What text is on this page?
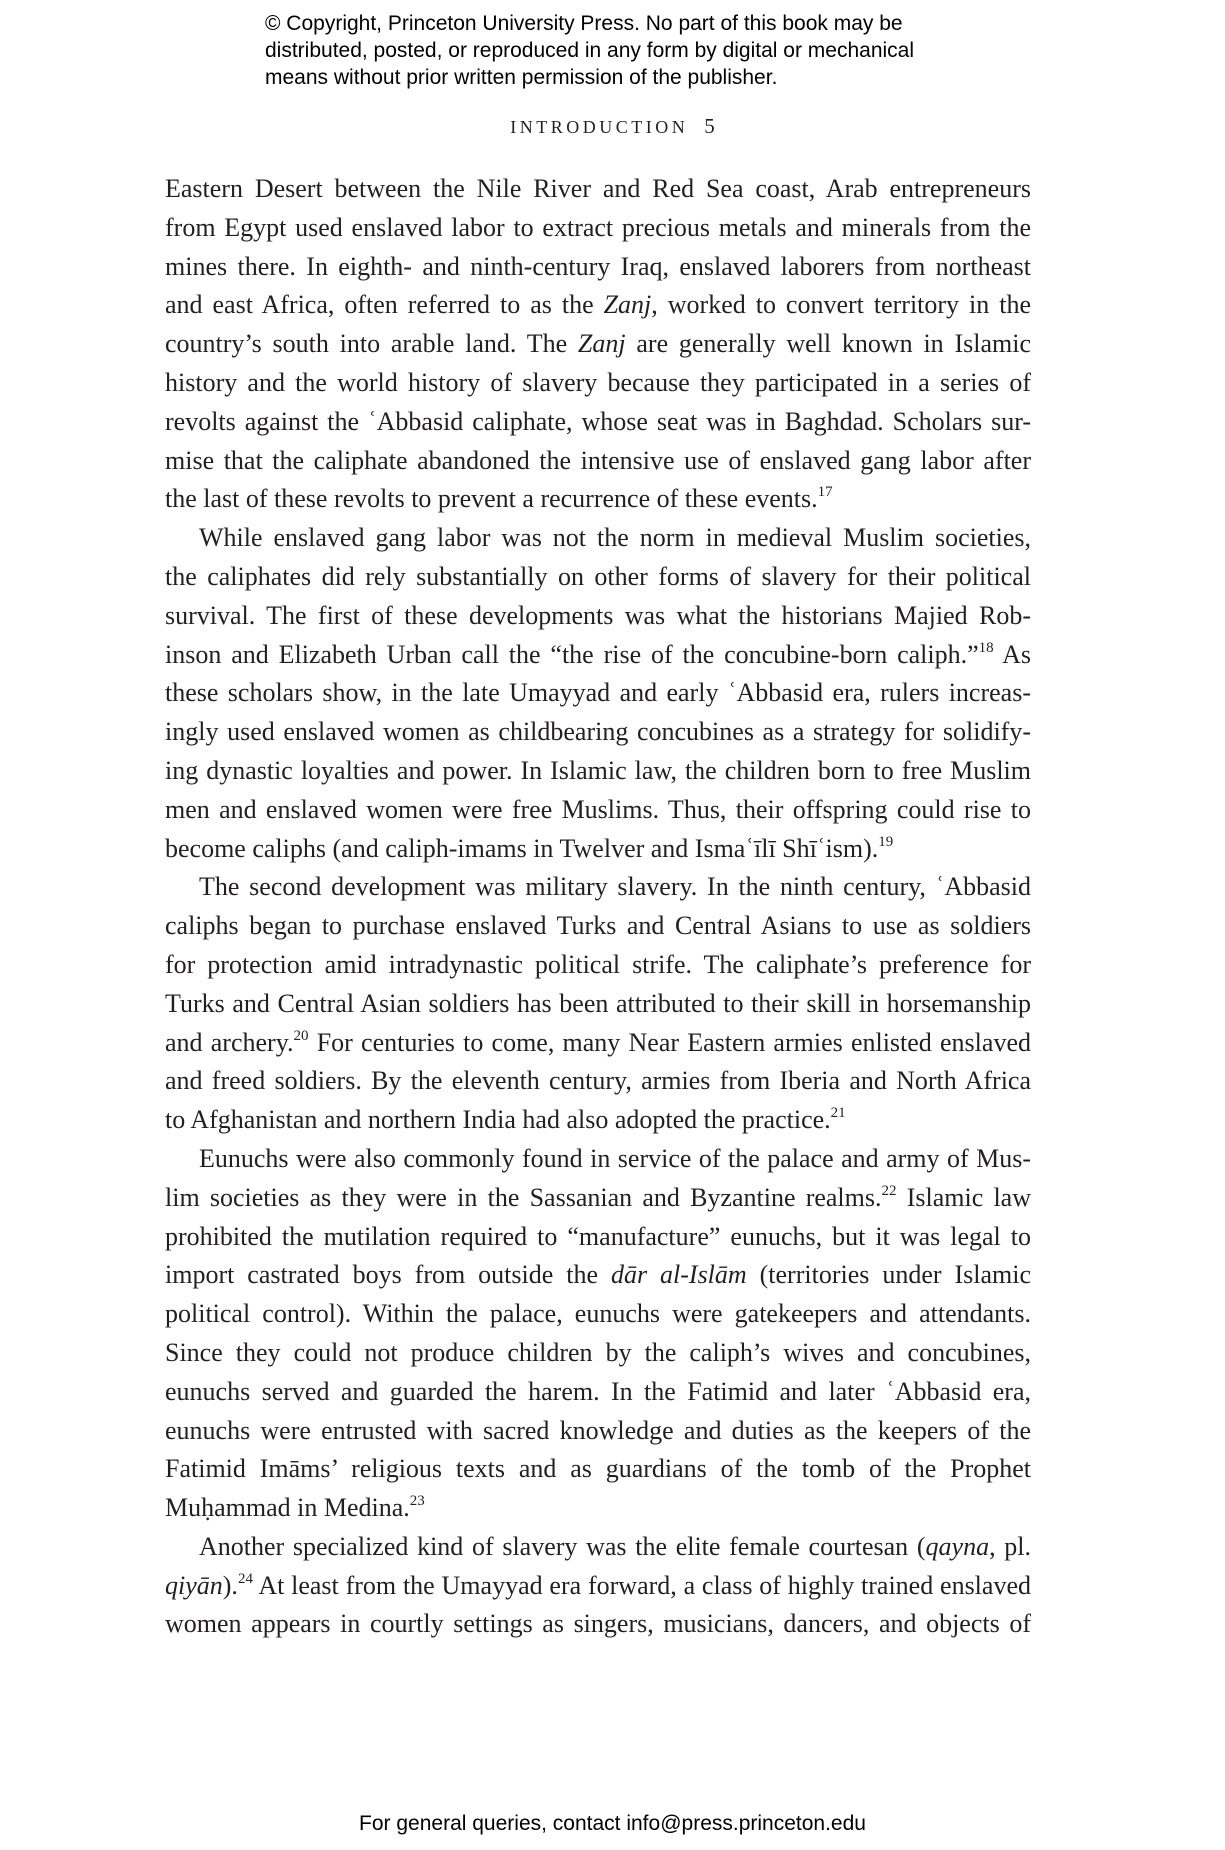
© Copyright, Princeton University Press. No part of this book may be

distributed, posted, or reproduced in any form by digital or mechanical

means without prior written permission of the publisher.

INTRODUCTION 5
Eastern Desert between the Nile River and Red Sea coast, Arab entrepreneurs
from Egypt used enslaved labor to extract precious metals and minerals from the
mines there. In eighth- and ninth-century Iraq, enslaved laborers from northeast
and east Africa, often referred to as the Zanj, worked to convert territory in the
country’s south into arable land. The Zanj are generally well known in Islamic
history and the world history of slavery because they participated in a series of
revolts against the ʿAbbasid caliphate, whose seat was in Baghdad. Scholars sur-
mise that the caliphate abandoned the intensive use of enslaved gang labor after
the last of these revolts to prevent a recurrence of these events.$^{17}$
While enslaved gang labor was not the norm in medieval Muslim societies,
the caliphates did rely substantially on other forms of slavery for their political
survival. The first of these developments was what the historians Majied Rob-
inson and Elizabeth Urban call the “the rise of the concubine-born caliph.”$^{18}$ As
these scholars show, in the late Umayyad and early ʿAbbasid era, rulers increas-
ingly used enslaved women as childbearing concubines as a strategy for solidify-
ing dynastic loyalties and power. In Islamic law, the children born to free Muslim
men and enslaved women were free Muslims. Thus, their offspring could rise to
become caliphs (and caliph-imams in Twelver and Ismaʿīlī Shīʿism).$^{19}$
The second development was military slavery. In the ninth century, ʿAbbasid
caliphs began to purchase enslaved Turks and Central Asians to use as soldiers
for protection amid intradynastic political strife. The caliphate’s preference for
Turks and Central Asian soldiers has been attributed to their skill in horsemanship
and archery.$^{20}$ For centuries to come, many Near Eastern armies enlisted enslaved
and freed soldiers. By the eleventh century, armies from Iberia and North Africa
to Afghanistan and northern India had also adopted the practice.$^{21}$
Eunuchs were also commonly found in service of the palace and army of Mus-
lim societies as they were in the Sassanian and Byzantine realms.$^{22}$ Islamic law
prohibited the mutilation required to “manufacture” eunuchs, but it was legal to
import castrated boys from outside the dār al-Islām (territories under Islamic
political control). Within the palace, eunuchs were gatekeepers and attendants.
Since they could not produce children by the caliph’s wives and concubines,
eunuchs served and guarded the harem. In the Fatimid and later ʿAbbasid era,
eunuchs were entrusted with sacred knowledge and duties as the keepers of the
Fatimid Imāms’ religious texts and as guardians of the tomb of the Prophet
Muḥammad in Medina.$^{23}$
Another specialized kind of slavery was the elite female courtesan (qayna, pl.
qiyān).$^{24}$ At least from the Umayyad era forward, a class of highly trained enslaved
women appears in courtly settings as singers, musicians, dancers, and objects of
For general queries, contact info@press.princeton.edu
